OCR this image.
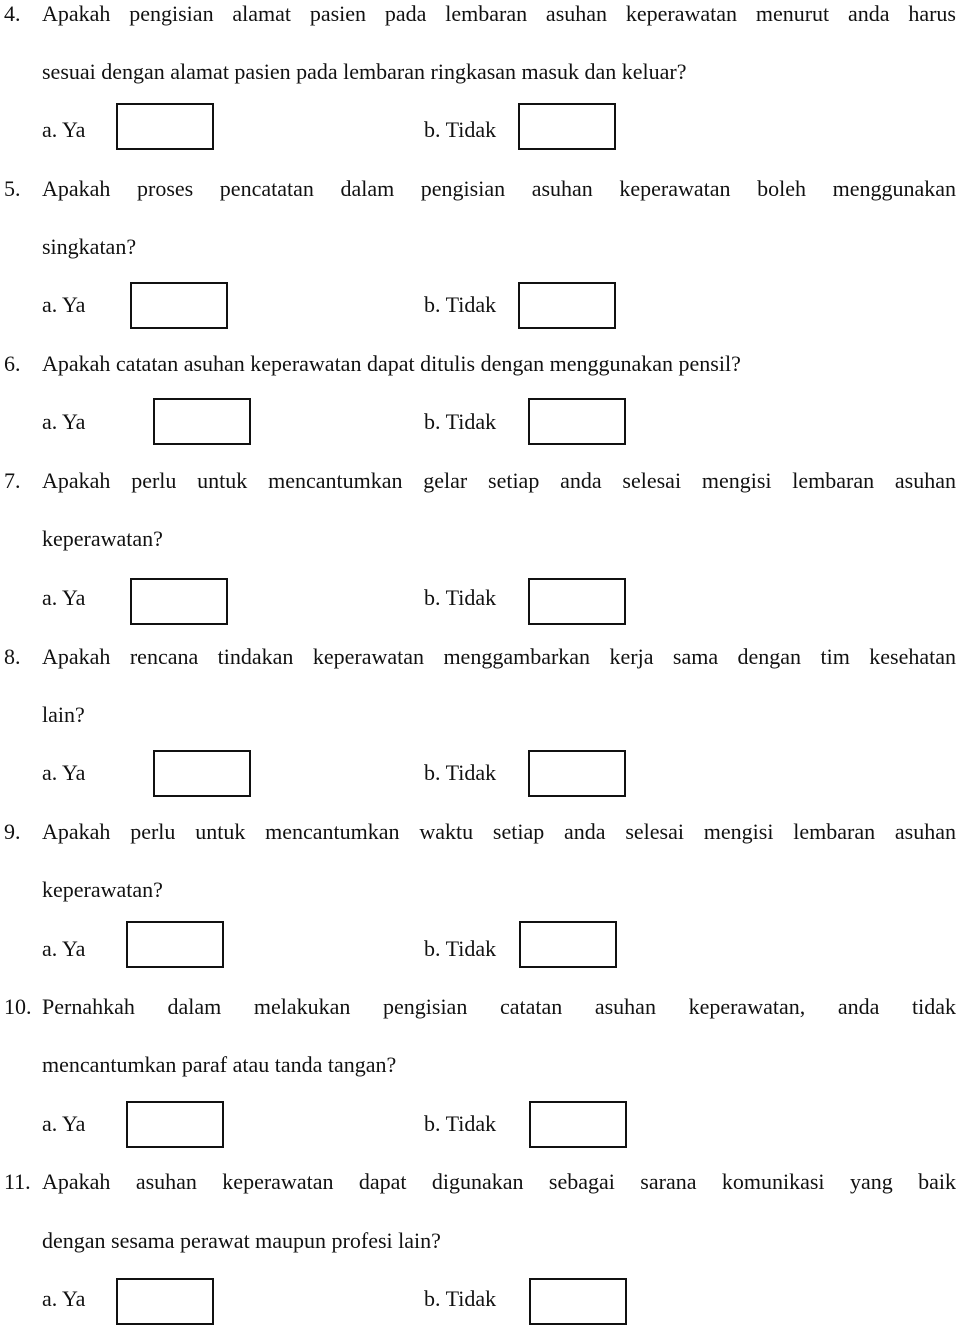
4. Apakah pengisian alamat pasien pada lembaran asuhan keperawatan menurut anda harus
sesuai dengan alamat pasien pada lembaran ringkasan masuk dan keluar?
a. Ya	b. Tidak
5. Apakah proses pencatatan dalam pengisian asuhan keperawatan boleh menggunakan
singkatan?
a. Ya	b. Tidak
6. Apakah catatan asuhan keperawatan dapat ditulis dengan menggunakan pensil?
a. Ya	b. Tidak
7. Apakah perlu untuk mencantumkan gelar setiap anda selesai mengisi lembaran asuhan
keperawatan?
a. Ya	b. Tidak
8. Apakah rencana tindakan keperawatan menggambarkan kerja sama dengan tim kesehatan
lain?
a. Ya	b. Tidak
9. Apakah perlu untuk mencantumkan waktu setiap anda selesai mengisi lembaran asuhan
keperawatan?
a. Ya	b. Tidak
10. Pernahkah dalam melakukan pengisian catatan asuhan keperawatan, anda tidak
mencantumkan paraf atau tanda tangan?
a. Ya	b. Tidak
11. Apakah asuhan keperawatan dapat digunakan sebagai sarana komunikasi yang baik
dengan sesama perawat maupun profesi lain?
a. Ya	b. Tidak
